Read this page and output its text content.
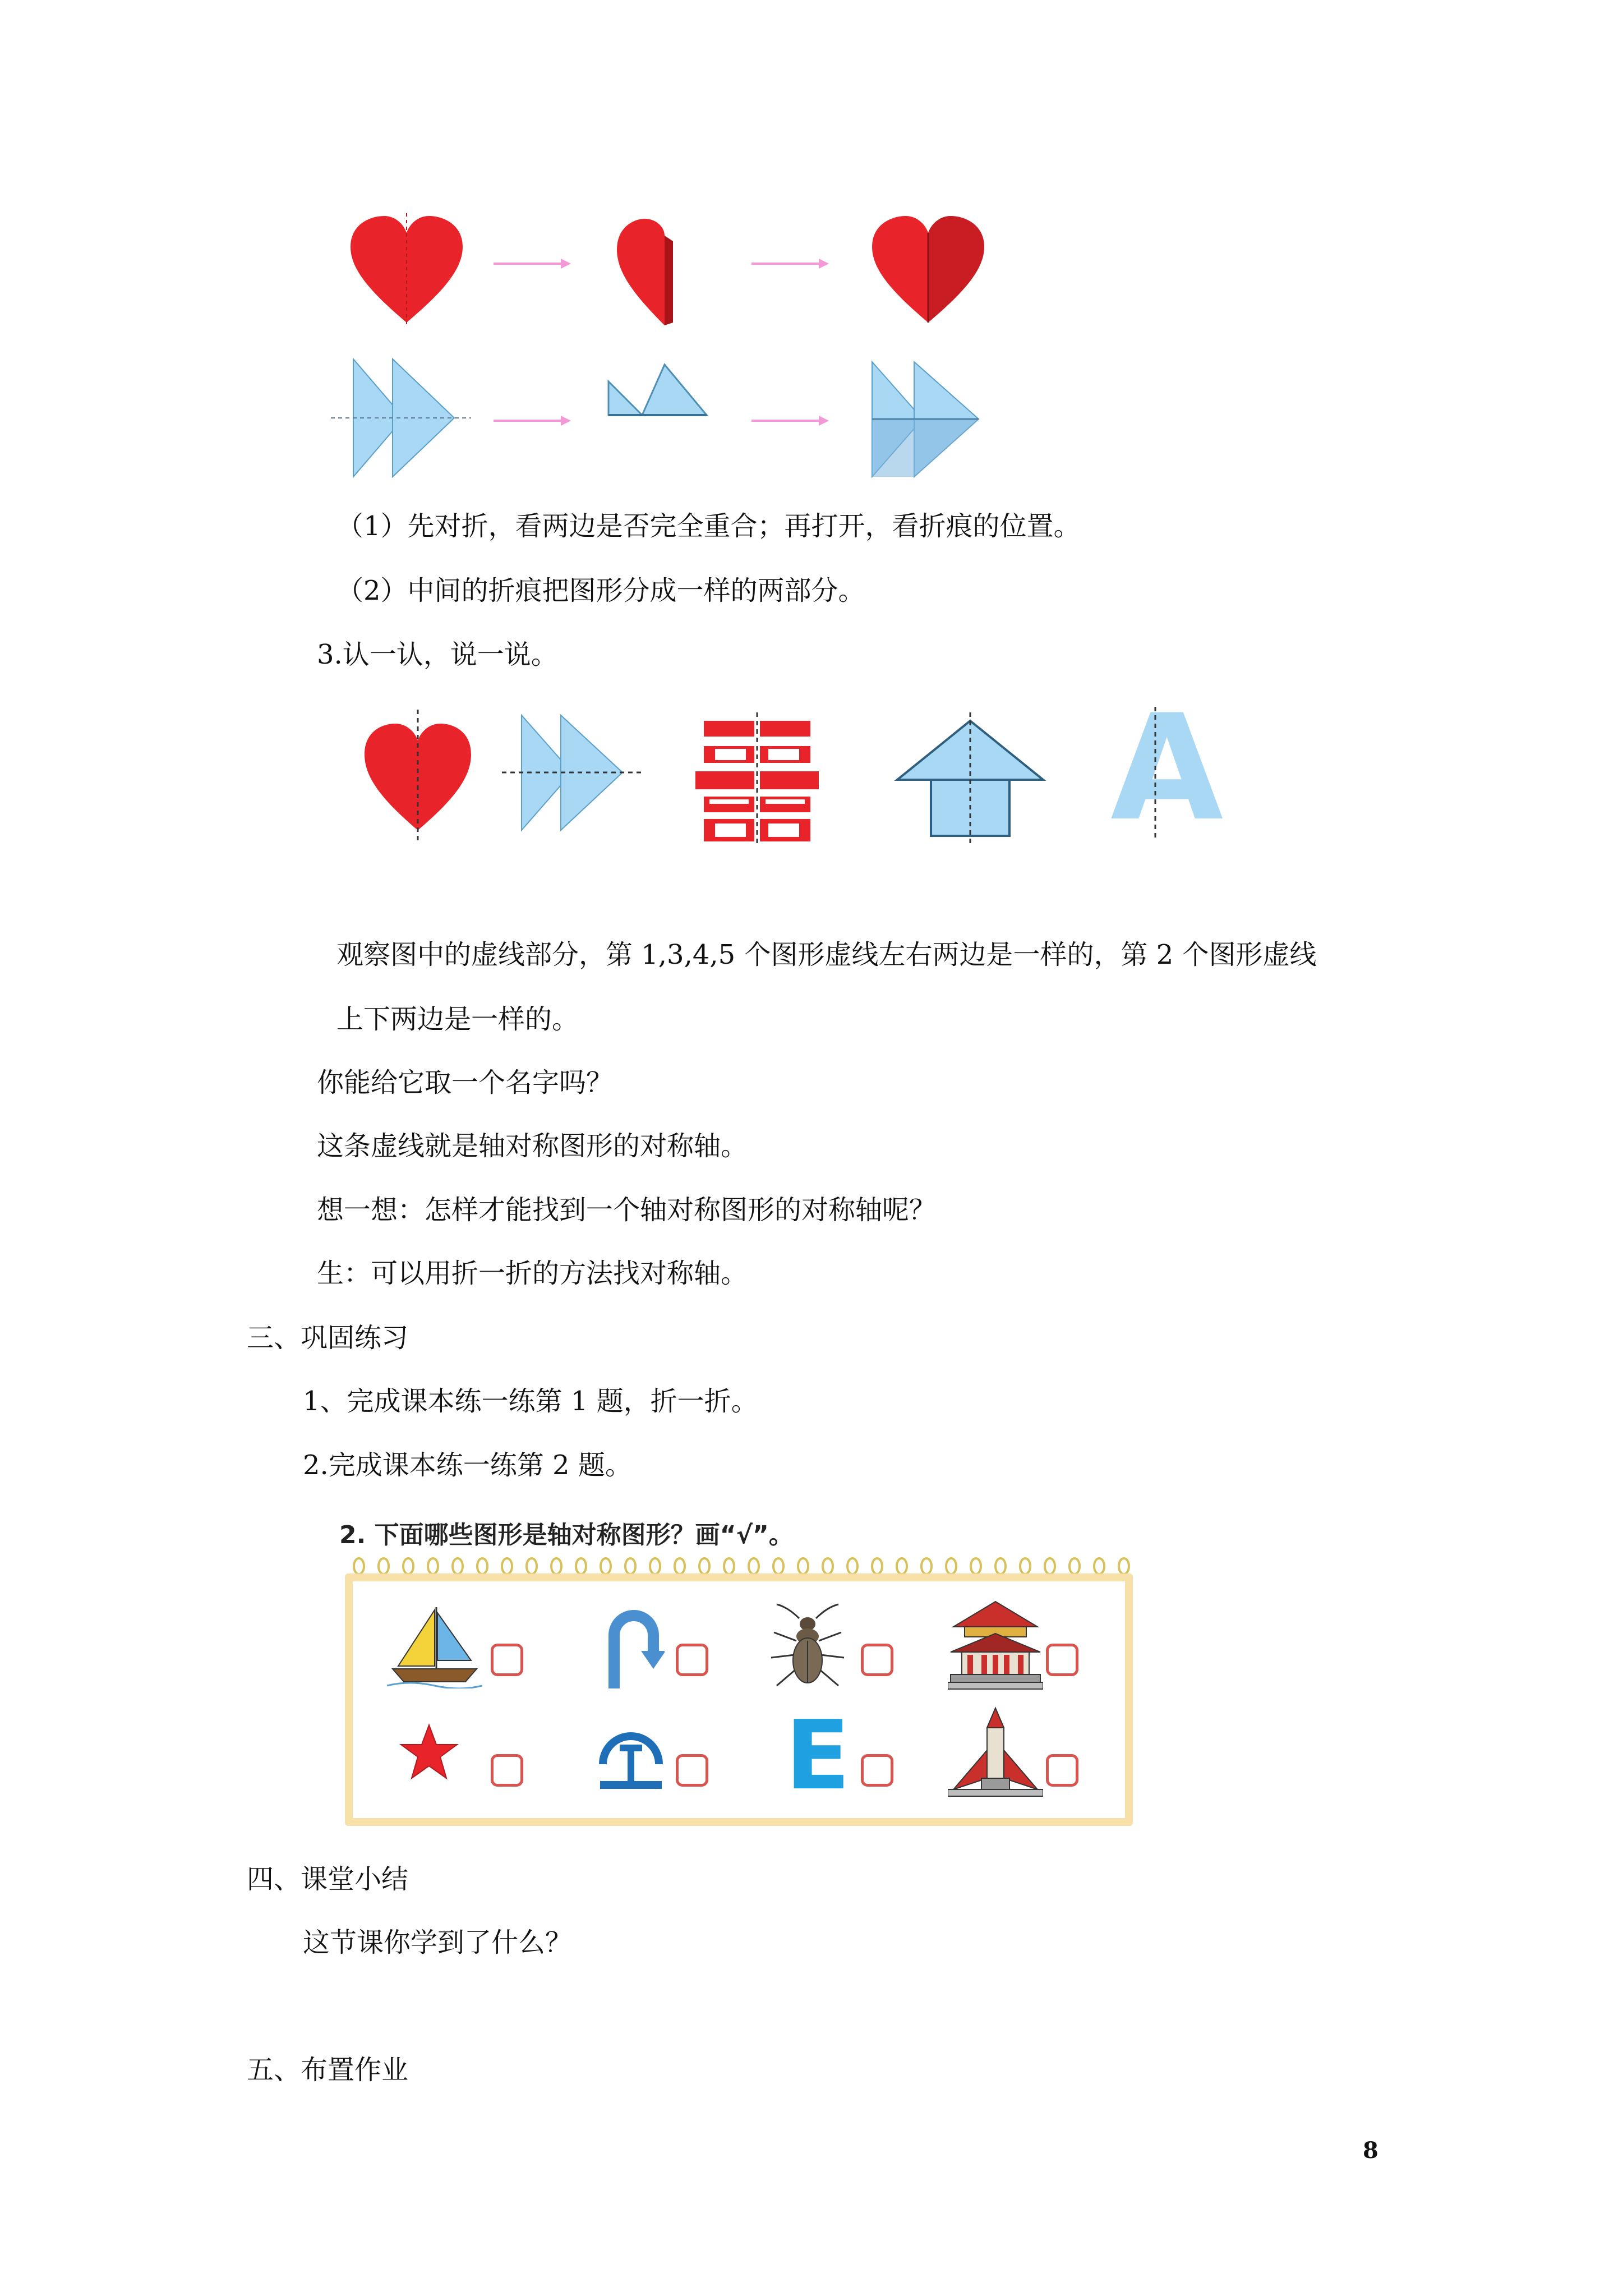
（1）先对折，看两边是否完全重合；再打开，看折痕的位置。
（2）中间的折痕把图形分成一样的两部分。
3.认一认，说一说。
A
观察图中的虚线部分，第 1,3,4,5 个图形虚线左右两边是一样的，第 2 个图形虚线
上下两边是一样的。
你能给它取一个名字吗？
这条虚线就是轴对称图形的对称轴。
想一想：怎样才能找到一个轴对称图形的对称轴呢？
生：可以用折一折的方法找对称轴。
三、巩固练习
1、完成课本练一练第 1 题，折一折。
2.完成课本练一练第 2 题。
2. 下面哪些图形是轴对称图形？画“√”。
E
四、课堂小结
这节课你学到了什么？
五、布置作业
8
